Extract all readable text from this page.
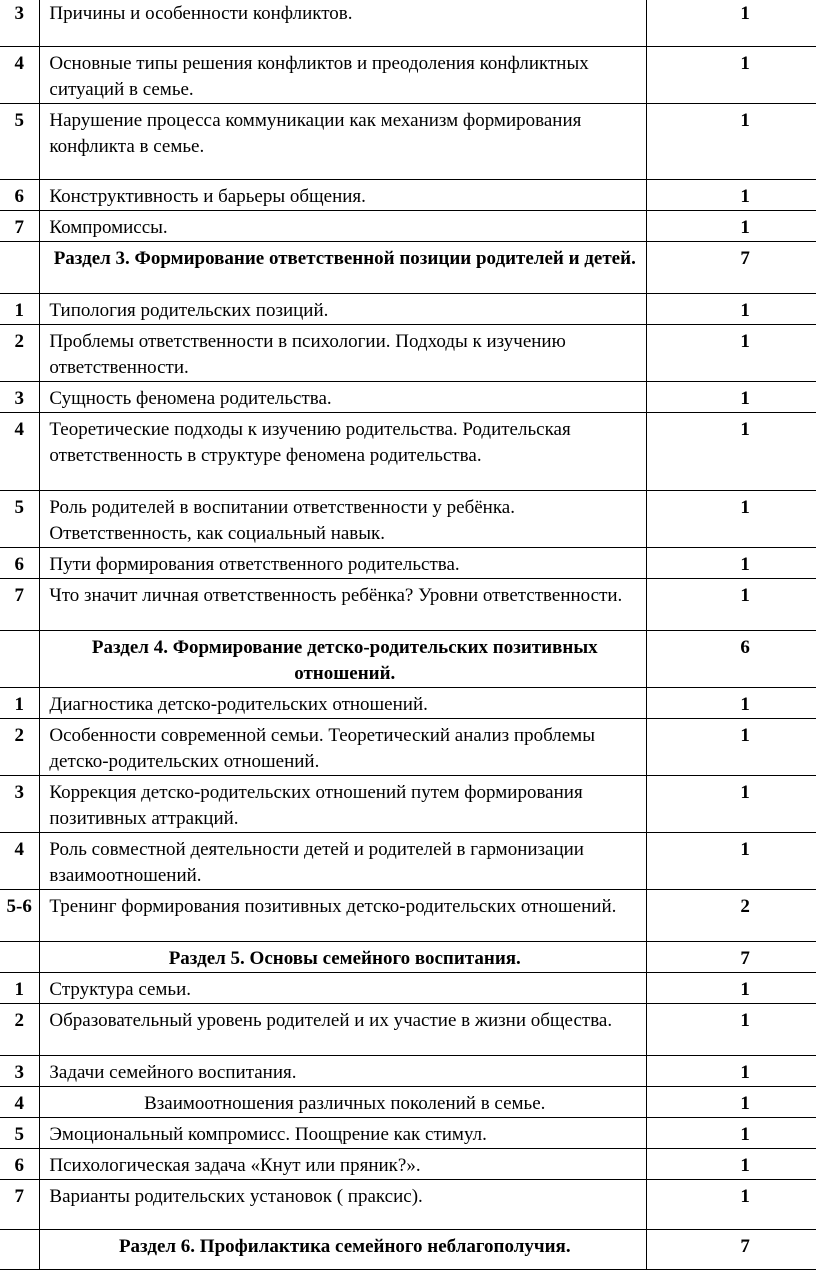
3	Причины и особенности конфликтов.	1
4	Основные типы решения конфликтов и преодоления конфликтных ситуаций в семье.	1
5	Нарушение процесса коммуникации как механизм формирования конфликта в семье.	1
6	Конструктивность и барьеры общения.	1
7	Компромиссы.	1
	Раздел 3. Формирование ответственной позиции родителей и детей.	7
1	Типология родительских позиций.	1
2	Проблемы ответственности в психологии. Подходы к изучению ответственности.	1
3	Сущность феномена родительства.	1
4	Теоретические подходы к изучению родительства. Родительская ответственность в структуре феномена родительства.	1
5	Роль родителей в воспитании ответственности у ребёнка. Ответственность, как социальный навык.	1
6	Пути формирования ответственного родительства.	1
7	Что значит личная ответственность ребёнка? Уровни ответственности.	1
	Раздел 4. Формирование детско-родительских позитивных отношений.	6
1	Диагностика детско-родительских отношений.	1
2	Особенности современной семьи. Теоретический анализ проблемы детско-родительских отношений.	1
3	Коррекция детско-родительских отношений путем формирования позитивных аттракций.	1
4	Роль совместной деятельности детей и родителей в гармонизации взаимоотношений.	1
5-6	Тренинг формирования позитивных детско-родительских отношений.	2
	Раздел 5. Основы семейного воспитания.	7
1	Структура семьи.	1
2	Образовательный уровень родителей и их участие в жизни общества.	1
3	Задачи семейного воспитания.	1
4	Взаимоотношения различных поколений в семье.	1
5	Эмоциональный компромисс. Поощрение как стимул.	1
6	Психологическая задача «Кнут или пряник?».	1
7	Варианты родительских установок ( праксис).	1
	Раздел 6. Профилактика семейного неблагополучия.	7
